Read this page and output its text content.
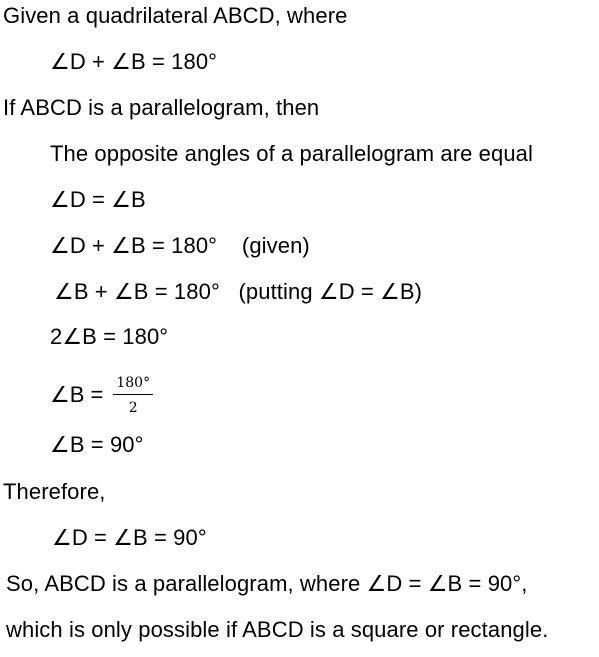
Given a quadrilateral ABCD, where
∠D + ∠B = 180°
If ABCD is a parallelogram, then
The opposite angles of a parallelogram are equal
∠D = ∠B
∠D + ∠B = 180°    (given)
∠B + ∠B = 180°   (putting ∠D = ∠B)
2∠B = 180°
∠B = $\frac{180^\circ}{2}$
∠B = 90°
Therefore,
∠D = ∠B = 90°
So, ABCD is a parallelogram, where ∠D = ∠B = 90°,
which is only possible if ABCD is a square or rectangle.
